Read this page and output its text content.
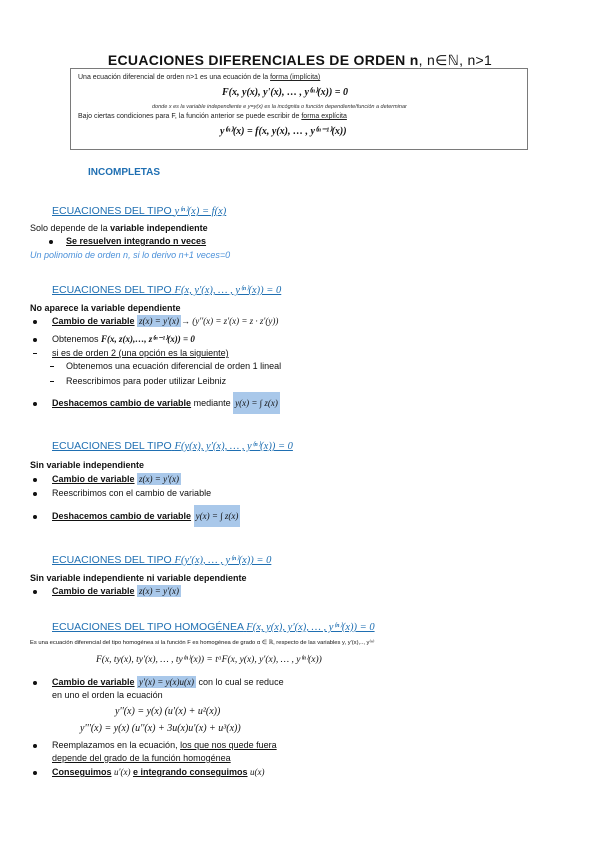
ECUACIONES DIFERENCIALES DE ORDEN n, n∈ℕ, n>1
Una ecuación diferencial de orden n>1 es una ecuación de la forma (implícita)
F(x, y(x), y'(x), … , y⁽ⁿ⁾(x)) = 0
donde x es la variable independiente e y=y(x) es la incógnita o función dependiente/función a determinar
Bajo ciertas condiciones para F, la función anterior se puede escribir de forma explícita
y⁽ⁿ⁾(x) = f(x, y(x), … , y⁽ⁿ⁻¹⁾(x))
INCOMPLETAS
ECUACIONES DEL TIPO y⁽ⁿ⁾(x) = f(x)
Solo depende de la variable independiente
Se resuelven integrando n veces
Un polinomio de orden n, si lo derivo n+1 veces=0
ECUACIONES DEL TIPO F(x, y'(x), … , y⁽ⁿ⁾(x)) = 0
No aparece la variable dependiente
Cambio de variable z(x) = y'(x) → (y''(x) = z'(x) = z · z'(y))
Obtenemos F(x, z(x),…, z⁽ⁿ⁻¹⁾(x)) = 0
si es de orden 2 (una opción es la siguiente)
Obtenemos una ecuación diferencial de orden 1 lineal
Reescribimos para poder utilizar Leibniz
Deshacemos cambio de variable mediante y(x) = ∫ z(x)
ECUACIONES DEL TIPO F(y(x), y'(x), … , y⁽ⁿ⁾(x)) = 0
Sin variable independiente
Cambio de variable z(x) = y'(x)
Reescribimos con el cambio de variable
Deshacemos cambio de variable y(x) = ∫ z(x)
ECUACIONES DEL TIPO F(y'(x), … , y⁽ⁿ⁾(x)) = 0
Sin variable independiente ni variable dependiente
Cambio de variable z(x) = y'(x)
ECUACIONES DEL TIPO HOMOGÉNEA F(x, y(x), y'(x), … , y⁽ⁿ⁾(x)) = 0
Es una ecuación diferencial del tipo homogénea si la función F es homogénea de grado α ∈ ℝ, respecto de las variables y, y'(x),.., y⁽ⁿ⁾
F(x, ty(x), ty'(x), … , ty⁽ⁿ⁾(x)) = tᵅF(x, y(x), y'(x), … , y⁽ⁿ⁾(x))
Cambio de variable y'(x) = y(x)u(x) con lo cual se reduce
en uno el orden la ecuación
y''(x) = y(x) (u'(x) + u²(x))
y'''(x) = y(x) (u''(x) + 3u(x)u'(x) + u³(x))
Reemplazamos en la ecuación, los que nos quede fuera
depende del grado de la función homogénea
Conseguimos u'(x) e integrando conseguimos u(x)
